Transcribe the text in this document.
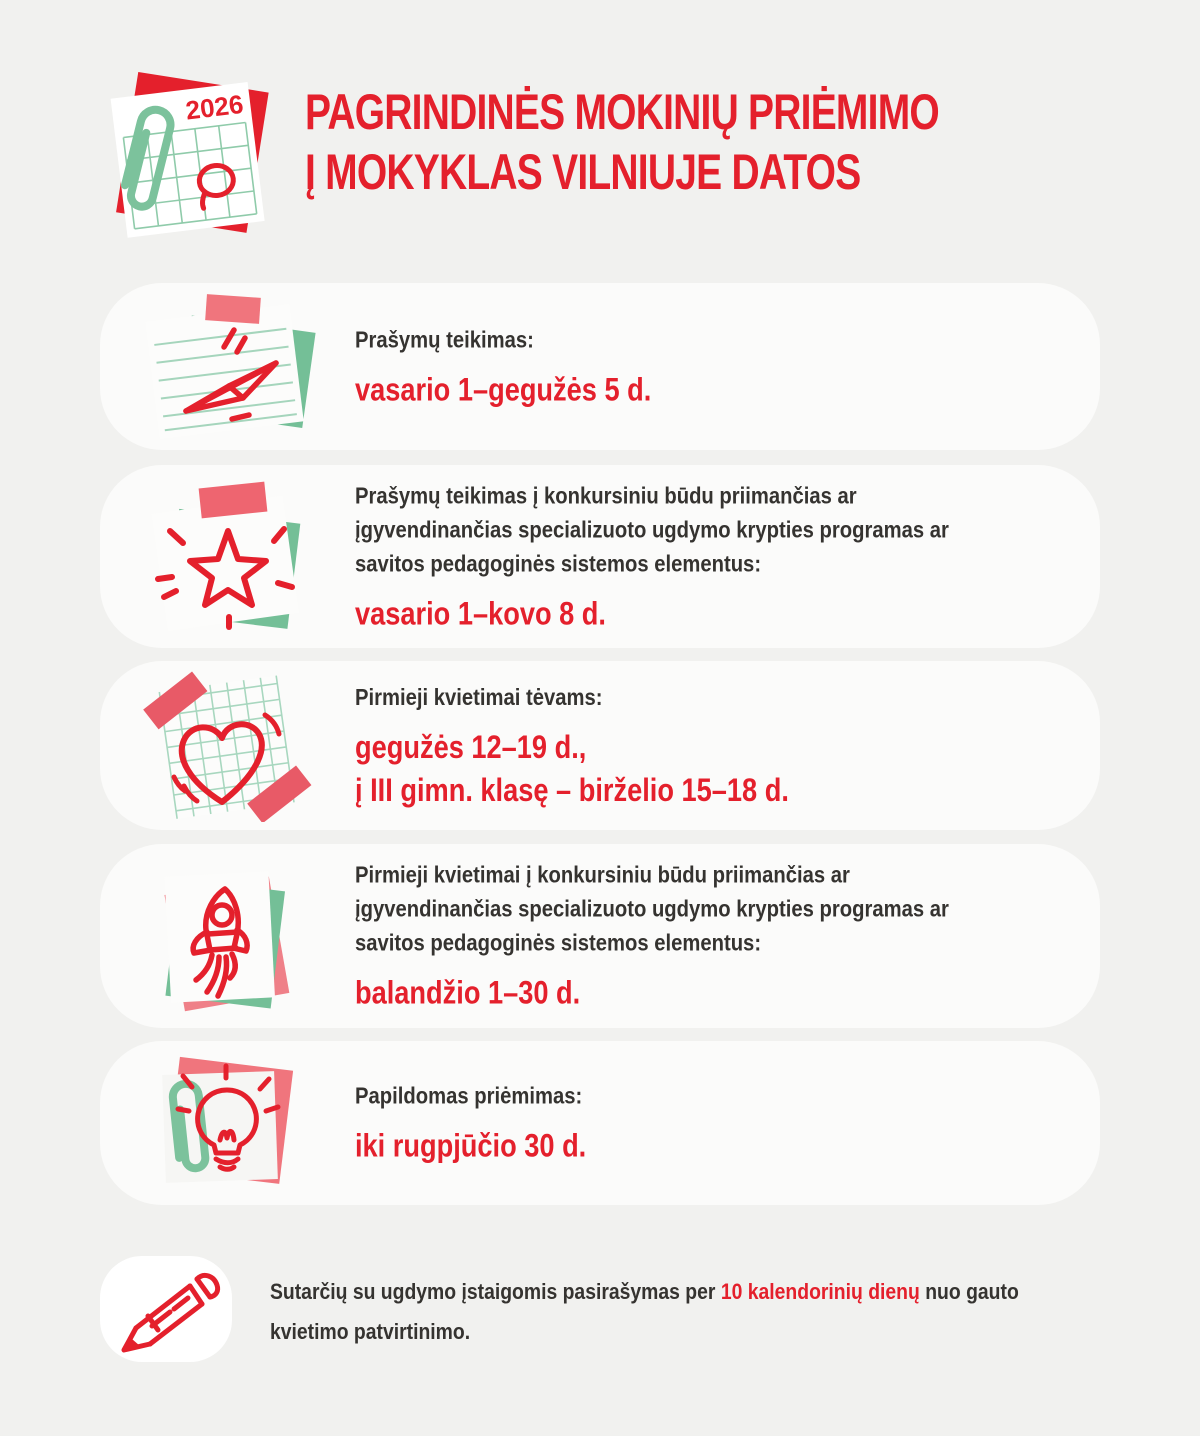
2026 PAGRINDINĖS MOKINIŲ PRIĖMIMO
Į MOKYKLAS VILNIUJE DATOS
Prašymų teikimas:
vasario 1–gegužės 5 d.
Prašymų teikimas į konkursiniu būdu priimančias ar
įgyvendinančias specializuoto ugdymo krypties programas ar
savitos pedagoginės sistemos elementus:
vasario 1–kovo 8 d.
Pirmieji kvietimai tėvams:
gegužės 12–19 d.,
į III gimn. klasę – birželio 15–18 d.
Pirmieji kvietimai į konkursiniu būdu priimančias ar
įgyvendinančias specializuoto ugdymo krypties programas ar
savitos pedagoginės sistemos elementus:
balandžio 1–30 d.
Papildomas priėmimas:
iki rugpjūčio 30 d.

Sutarčių su ugdymo įstaigomis pasirašymas per 10 kalendorinių dienų nuo gauto
kvietimo patvirtinimo.
